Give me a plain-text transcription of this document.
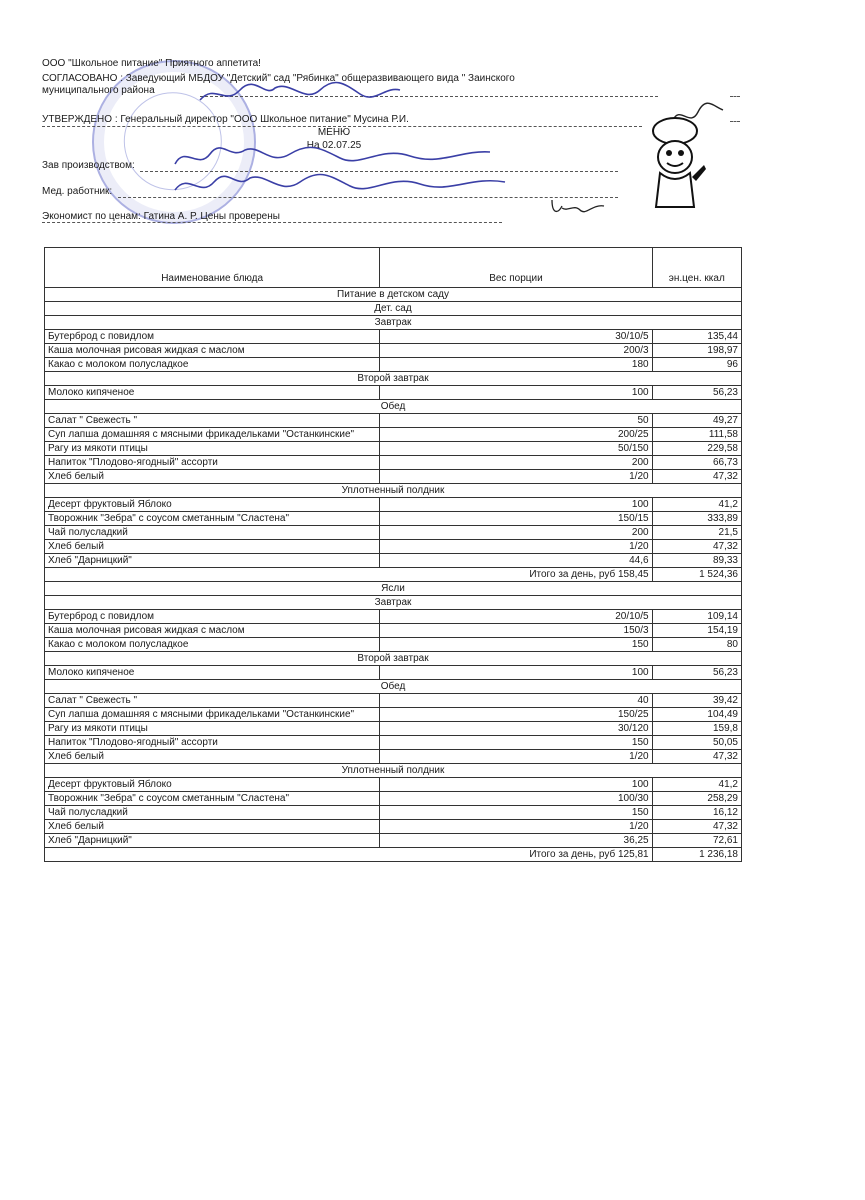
ООО "Школьное питание" Приятного аппетита!
СОГЛАСОВАНО : Заведующий МБДОУ "Детский" сад "Рябинка" общеразвивающего вида " Заинского
муниципального района
УТВЕРЖДЕНО : Генеральный директор "ООО Школьное питание" Мусина Р.И.
МЕНЮ
На 02.07.25
Зав производством:
Мед. работник:
Экономист по ценам: Гатина А. Р. Цены проверены
Наименование блюда	Вес порции	эн.цен. ккал
Питание в детском саду		
Дет. сад		
Завтрак		
Бутерброд с повидлом	30/10/5	135,44
Каша молочная рисовая жидкая с маслом	200/3	198,97
Какао с молоком полусладкое	180	96
Второй завтрак		
Молоко кипяченое	100	56,23
Обед		
Салат " Свежесть "	50	49,27
Суп лапша домашняя с мясными фрикадельками "Останкинские"	200/25	111,58
Рагу из мякоти птицы	50/150	229,58
Напиток "Плодово-ягодный" ассорти	200	66,73
Хлеб белый	1/20	47,32
Уплотненный полдник		
Десерт фруктовый Яблоко	100	41,2
Творожник "Зебра" с соусом сметанным "Сластена"	150/15	333,89
Чай полусладкий	200	21,5
Хлеб белый	1/20	47,32
Хлеб "Дарницкий"	44,6	89,33
Итого за день, руб 158,45		1 524,36
Ясли		
Завтрак		
Бутерброд с повидлом	20/10/5	109,14
Каша молочная рисовая жидкая с маслом	150/3	154,19
Какао с молоком полусладкое	150	80
Второй завтрак		
Молоко кипяченое	100	56,23
Обед		
Салат " Свежесть "	40	39,42
Суп лапша домашняя с мясными фрикадельками "Останкинские"	150/25	104,49
Рагу из мякоти птицы	30/120	159,8
Напиток "Плодово-ягодный" ассорти	150	50,05
Хлеб белый	1/20	47,32
Уплотненный полдник		
Десерт фруктовый Яблоко	100	41,2
Творожник "Зебра" с соусом сметанным "Сластена"	100/30	258,29
Чай полусладкий	150	16,12
Хлеб белый	1/20	47,32
Хлеб "Дарницкий"	36,25	72,61
Итого за день, руб 125,81		1 236,18
